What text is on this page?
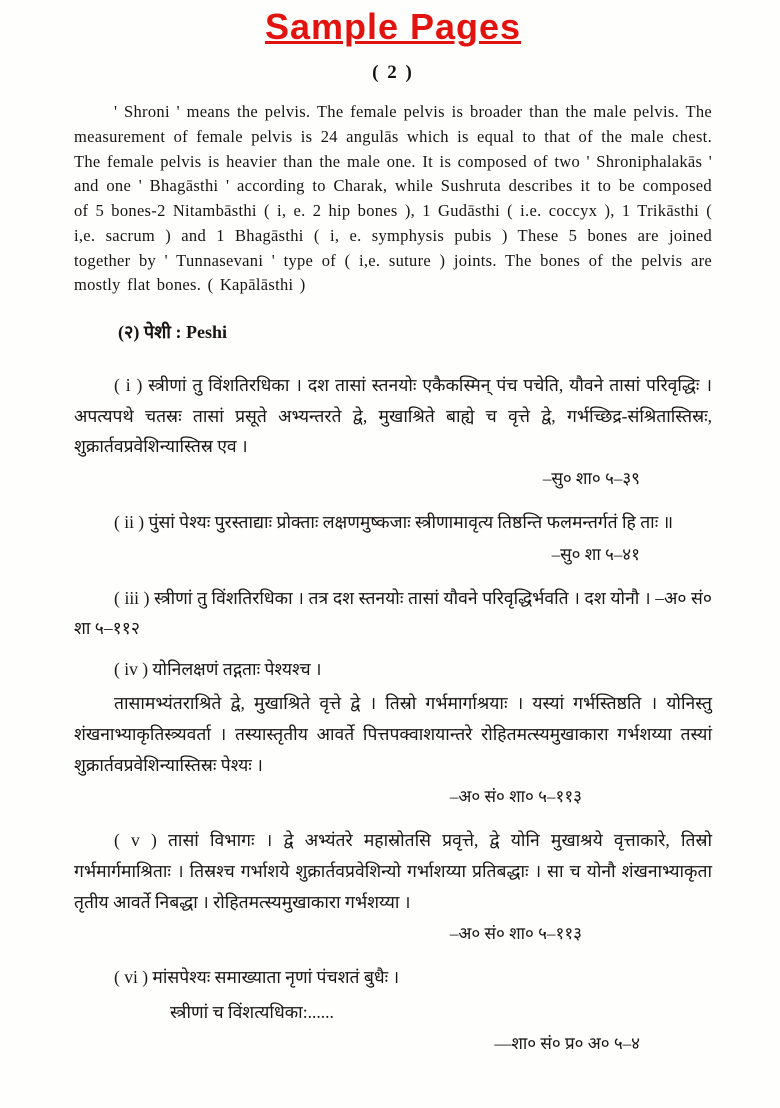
Sample Pages
( 2 )

' Shroni ' means the pelvis. The female pelvis is broader than the male pelvis. The measurement of female pelvis is 24 angulās which is equal to that of the male chest. The female pelvis is heavier than the male one. It is composed of two ' Shroniphalakās ' and one ' Bhagāsthi ' according to Charak, while Sushruta describes it to be composed of 5 bones-2 Nitambāsthi ( i, e. 2 hip bones ), 1 Gudāsthi ( i.e. coccyx ), 1 Trikāsthi ( i,e. sacrum ) and 1 Bhagāsthi ( i, e. symphysis pubis ) These 5 bones are joined together by ' Tunnasevani ' type of ( i,e. suture ) joints. The bones of the pelvis are mostly flat bones. ( Kapālāsthi )

(२) पेशी : Peshi

( i ) स्त्रीणां तु विंशतिरधिका । दश तासां स्तनयोः एकैकस्मिन् पंच पचेति, यौवने तासां परिवृद्धिः । अपत्यपथे चतस्रः तासां प्रसूते अभ्यन्तरते द्वे, मुखाश्रिते बाह्ये च वृत्ते द्वे, गर्भच्छिद्र-संश्रितास्तिस्रः, शुक्रार्तवप्रवेशिन्यास्तिस्र एव ।

–सु० शा० ५–३९

( ii ) पुंसां पेश्यः पुरस्ताद्याः प्रोक्ताः लक्षणमुष्कजाः स्त्रीणामावृत्य तिष्ठन्ति फलमन्तर्गतं हि ताः ॥

–सु० शा ५–४१

( iii ) स्त्रीणां तु विंशतिरधिका । तत्र दश स्तनयोः तासां यौवने परिवृद्धिर्भवति । दश योनौ । –अ० सं० शा ५–११२

( iv ) योनिलक्षणं तद्गताः पेश्यश्च ।

तासामभ्यंतराश्रिते द्वे, मुखाश्रिते वृत्ते द्वे । तिस्रो गर्भमार्गाश्रयाः । यस्यां गर्भस्तिष्ठति । योनिस्तु शंखनाभ्याकृतिस्त्र्यवर्ता । तस्यास्तृतीय आवर्ते पित्तपक्वाशयान्तरे रोहितमत्स्यमुखाकारा गर्भशय्या तस्यां शुक्रार्तवप्रवेशिन्यास्तिस्रः पेश्यः ।

–अ० सं० शा० ५–११३

( v ) तासां विभागः । द्वे अभ्यंतरे महास्रोतसि प्रवृत्ते, द्वे योनि मुखाश्रये वृत्ताकारे, तिस्रो गर्भमार्गमाश्रिताः । तिस्रश्च गर्भाशये शुक्रार्तवप्रवेशिन्यो गर्भाशय्या प्रतिबद्धाः । सा च योनौ शंखनाभ्याकृता तृतीय आवर्ते निबद्धा । रोहितमत्स्यमुखाकारा गर्भशय्या ।

–अ० सं० शा० ५–११३

( vi ) मांसपेश्यः समाख्याता नृणां पंचशतं बुधैः ।

स्त्रीणां च विंशत्यधिका:......

—शा० सं० प्र० अ० ५–४
